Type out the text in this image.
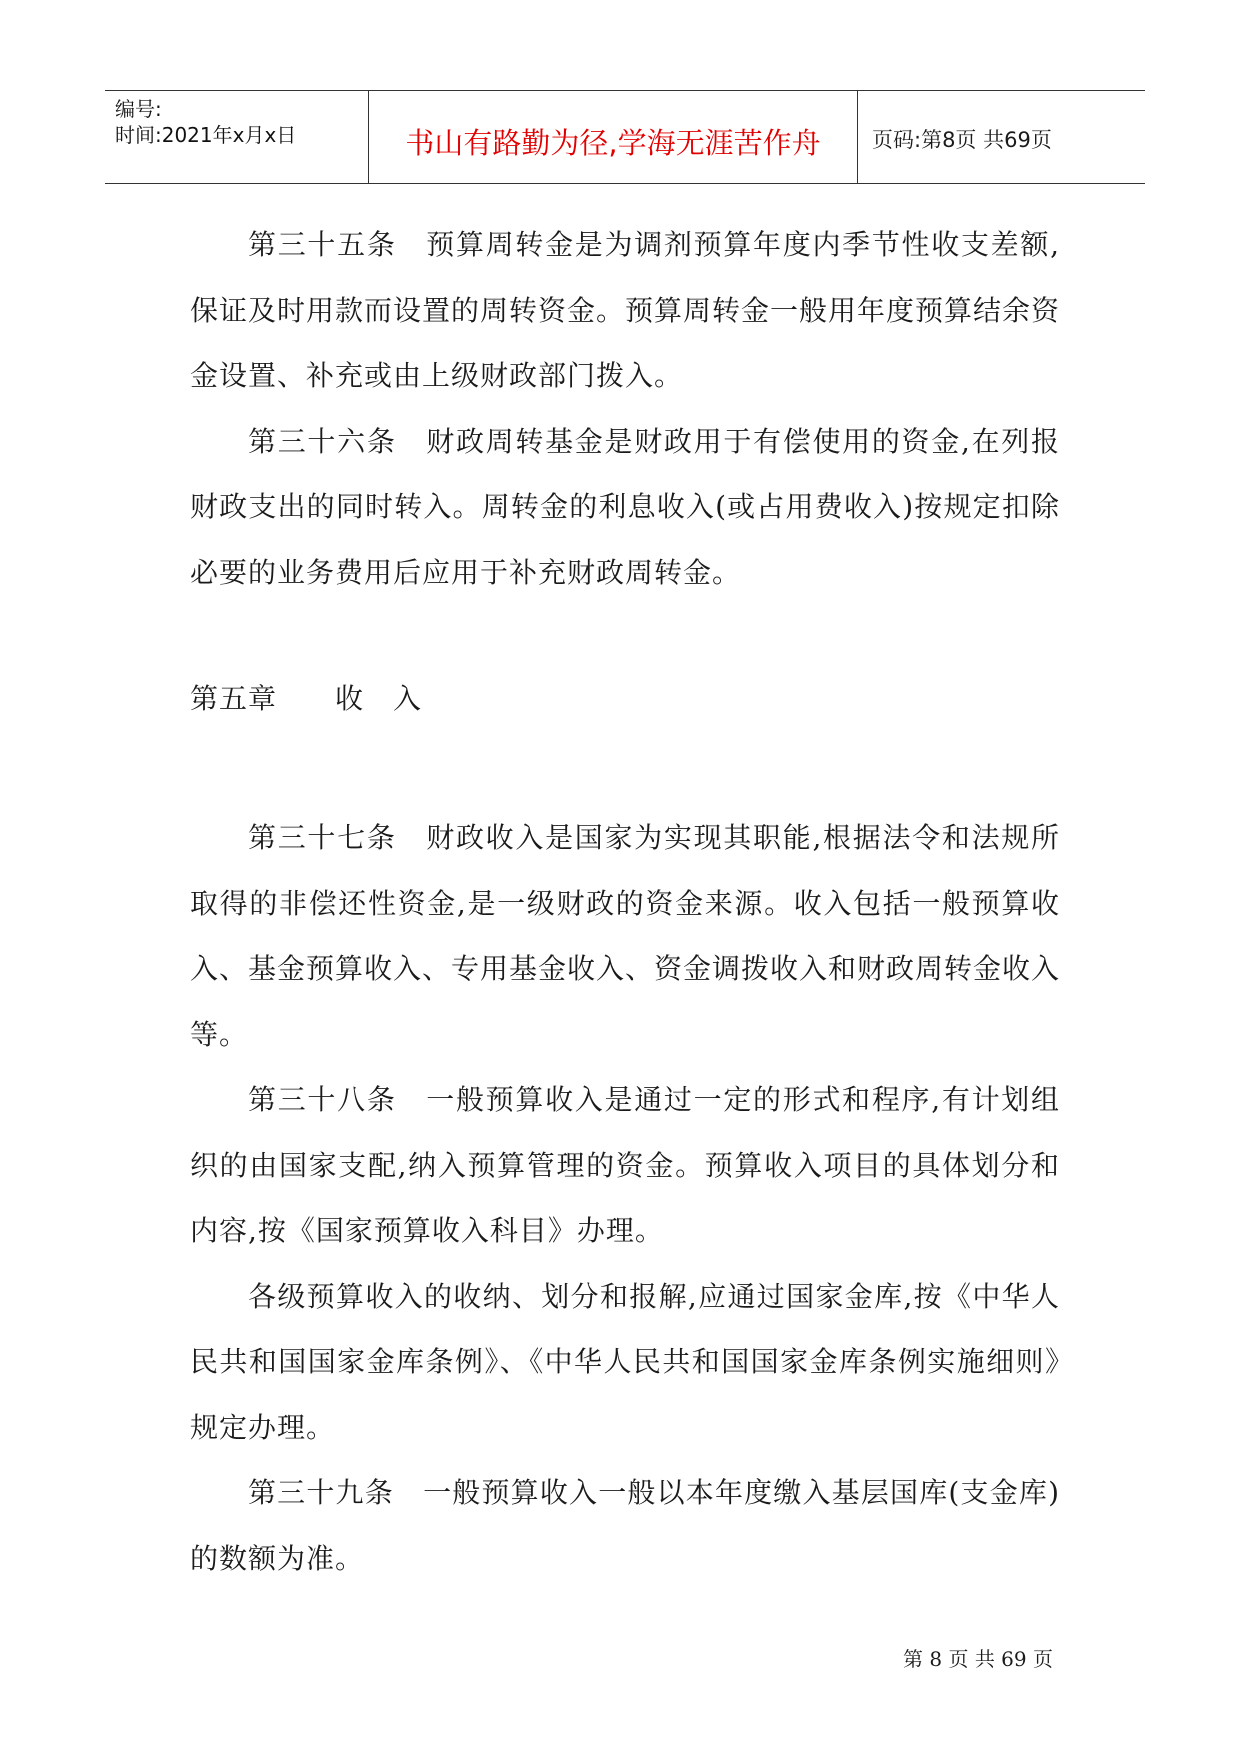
编号:
时间:2021年x月x日	书山有路勤为径,学海无涯苦作舟	页码:第8页 共69页

第三十五条　预算周转金是为调剂预算年度内季节性收支差额,保证及时用款而设置的周转资金。预算周转金一般用年度预算结余资金设置、补充或由上级财政部门拨入。

第三十六条　财政周转基金是财政用于有偿使用的资金,在列报财政支出的同时转入。周转金的利息收入(或占用费收入)按规定扣除必要的业务费用后应用于补充财政周转金。

第五章　　收　入

第三十七条　财政收入是国家为实现其职能,根据法令和法规所取得的非偿还性资金,是一级财政的资金来源。收入包括一般预算收入、基金预算收入、专用基金收入、资金调拨收入和财政周转金收入等。

第三十八条　一般预算收入是通过一定的形式和程序,有计划组织的由国家支配,纳入预算管理的资金。预算收入项目的具体划分和内容,按《国家预算收入科目》办理。

各级预算收入的收纳、划分和报解,应通过国家金库,按《中华人民共和国国家金库条例》、《中华人民共和国国家金库条例实施细则》规定办理。

第三十九条　一般预算收入一般以本年度缴入基层国库(支金库)的数额为准。

第 8 页 共 69 页
